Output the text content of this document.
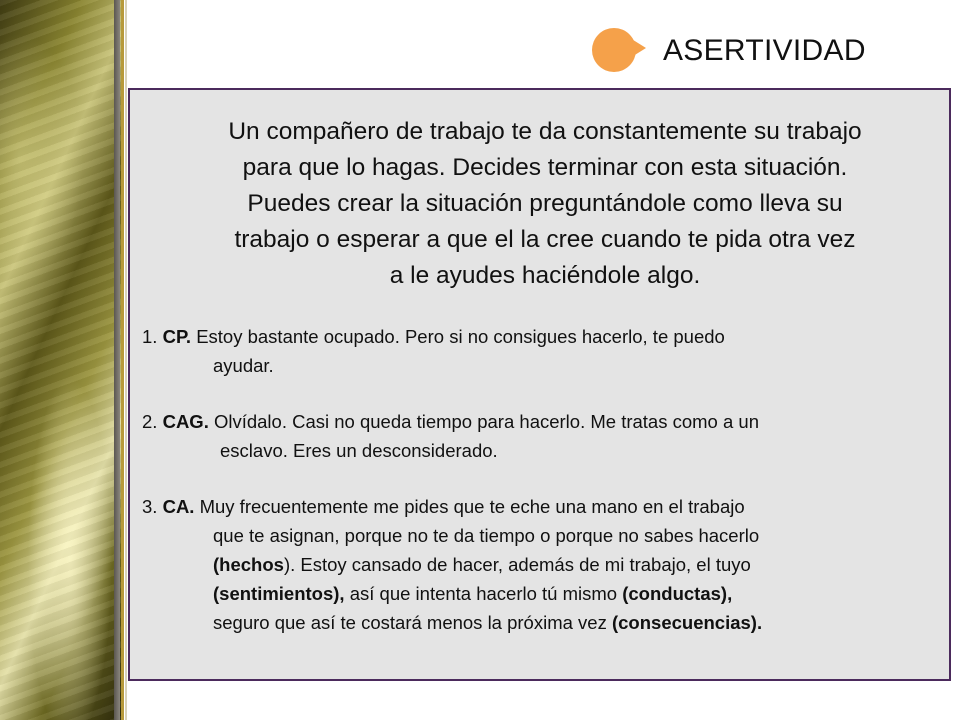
ASERTIVIDAD
Un compañero de trabajo te da constantemente su trabajo
para que lo hagas. Decides terminar con esta situación.
Puedes crear la situación preguntándole como lleva su
trabajo o esperar a que el la cree cuando te pida otra vez
a le ayudes haciéndole algo.
1. CP. Estoy bastante ocupado. Pero si no consigues hacerlo, te puedo
ayudar.
2. CAG. Olvídalo. Casi no queda tiempo para hacerlo. Me tratas como a un
esclavo. Eres un desconsiderado.
3. CA. Muy frecuentemente me pides que te eche una mano en el trabajo
que te asignan, porque no te da tiempo o porque no sabes hacerlo
(hechos). Estoy cansado de hacer, además de mi trabajo, el tuyo
(sentimientos), así que intenta hacerlo tú mismo (conductas),
seguro que así te costará menos la próxima vez (consecuencias).
